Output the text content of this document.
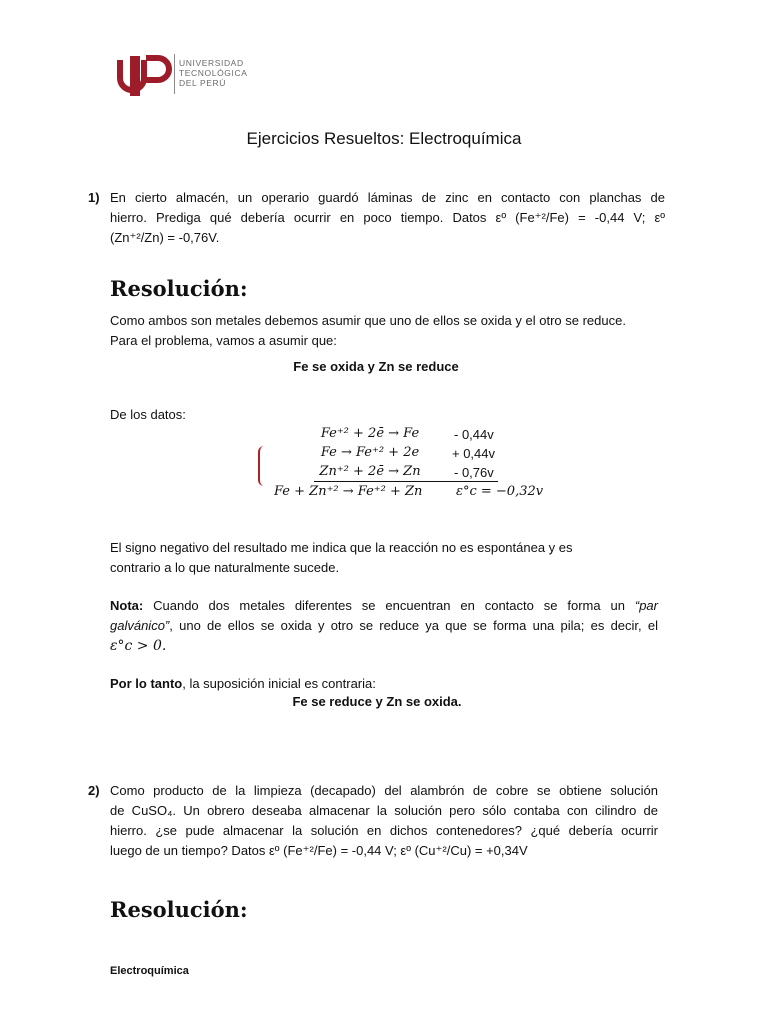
UNIVERSIDAD
TECNOLÓGICA
DEL PERÚ
Ejercicios Resueltos: Electroquímica
1) En cierto almacén, un operario guardó láminas de zinc en contacto con planchas de
hierro. Prediga qué debería ocurrir en poco tiempo. Datos εº (Fe⁺²/Fe) = -0,44 V; εº
(Zn⁺²/Zn) = -0,76V.
Resolución:
Como ambos son metales debemos asumir que uno de ellos se oxida y el otro se reduce.
Para el problema, vamos a asumir que:
Fe se oxida y Zn se reduce
De los datos:
Fe⁺² + 2ē → Fe	- 0,44v
Fe → Fe⁺² + 2e	+ 0,44v
Zn⁺² + 2ē → Zn	- 0,76v
Fe + Zn⁺² → Fe⁺² + Zn	ε°c = −0,32v
El signo negativo del resultado me indica que la reacción no es espontánea y es
contrario a lo que naturalmente sucede.
Nota: Cuando dos metales diferentes se encuentran en contacto se forma un “par
galvánico”, uno de ellos se oxida y otro se reduce ya que se forma una pila; es decir, el
ε°c > 0.
Por lo tanto, la suposición inicial es contraria:
Fe se reduce y Zn se oxida.
2) Como producto de la limpieza (decapado) del alambrón de cobre se obtiene solución
de CuSO₄. Un obrero deseaba almacenar la solución pero sólo contaba con cilindro de
hierro. ¿se pude almacenar la solución en dichos contenedores? ¿qué debería ocurrir
luego de un tiempo? Datos εº (Fe⁺²/Fe) = -0,44 V; εº (Cu⁺²/Cu) = +0,34V
Resolución:
Electroquímica
